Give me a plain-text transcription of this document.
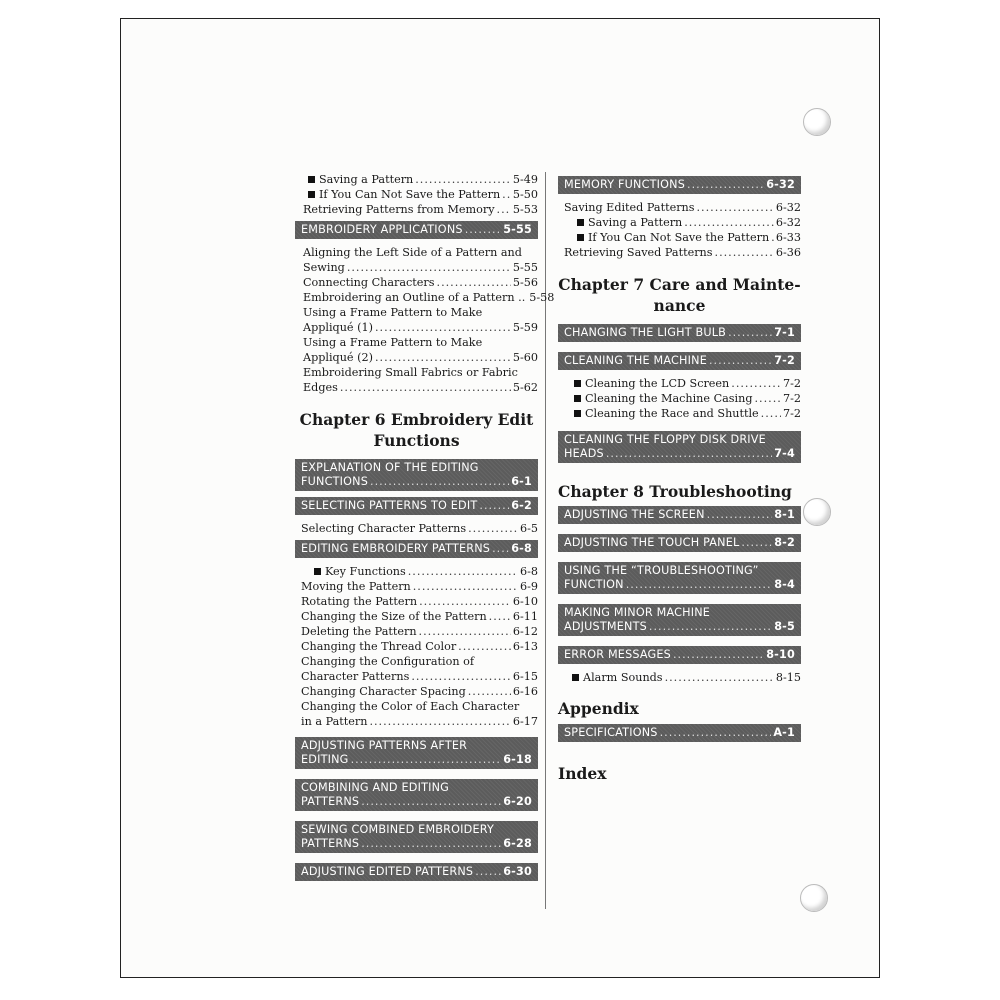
Saving a Pattern .....	5-49
If You Can Not Save the Pattern ..... 5-50
Retrieving Patterns from Memory ..... 5-53
EMBROIDERY APPLICATIONS .....	5-55
Aligning the Left Side of a Pattern and
Sewing .....	5-55
Connecting Characters .....	5-56
Embroidering an Outline of a Pattern .. 5-58
Using a Frame Pattern to Make
Appliqué (1) .....	5-59
Using a Frame Pattern to Make
Appliqué (2) .....	5-60
Embroidering Small Fabrics or Fabric
Edges .....	5-62
Chapter 6 Embroidery Edit
Functions
EXPLANATION OF THE EDITING
FUNCTIONS .....	6-1
SELECTING PATTERNS TO EDIT .....	6-2
Selecting Character Patterns .....	6-5
EDITING EMBROIDERY PATTERNS ..... 6-8
Key Functions .....	6-8
Moving the Pattern .....	6-9
Rotating the Pattern .....	6-10
Changing the Size of the Pattern ..... 6-11
Deleting the Pattern .....	6-12
Changing the Thread Color .....	6-13
Changing the Configuration of
Character Patterns .....	6-15
Changing Character Spacing .....	6-16
Changing the Color of Each Character
in a Pattern .....	6-17
ADJUSTING PATTERNS AFTER
EDITING .....	6-18
COMBINING AND EDITING
PATTERNS .....	6-20
SEWING COMBINED EMBROIDERY
PATTERNS .....	6-28
ADJUSTING EDITED PATTERNS .....	6-30
MEMORY FUNCTIONS .....	6-32
Saving Edited Patterns .....	6-32
Saving a Pattern .....	6-32
If You Can Not Save the Pattern ..... 6-33
Retrieving Saved Patterns .....	6-36
Chapter 7 Care and Mainte-
nance
CHANGING THE LIGHT BULB .....	7-1
CLEANING THE MACHINE .....	7-2
Cleaning the LCD Screen .....	7-2
Cleaning the Machine Casing .....	7-2
Cleaning the Race and Shuttle ..... 7-2
CLEANING THE FLOPPY DISK DRIVE
HEADS .....	7-4
Chapter 8 Troubleshooting
ADJUSTING THE SCREEN .....	8-1
ADJUSTING THE TOUCH PANEL .....	8-2
USING THE “TROUBLESHOOTING”
FUNCTION .....	8-4
MAKING MINOR MACHINE
ADJUSTMENTS .....	8-5
ERROR MESSAGES .....	8-10
Alarm Sounds .....	8-15
Appendix
SPECIFICATIONS .....	A-1
Index
